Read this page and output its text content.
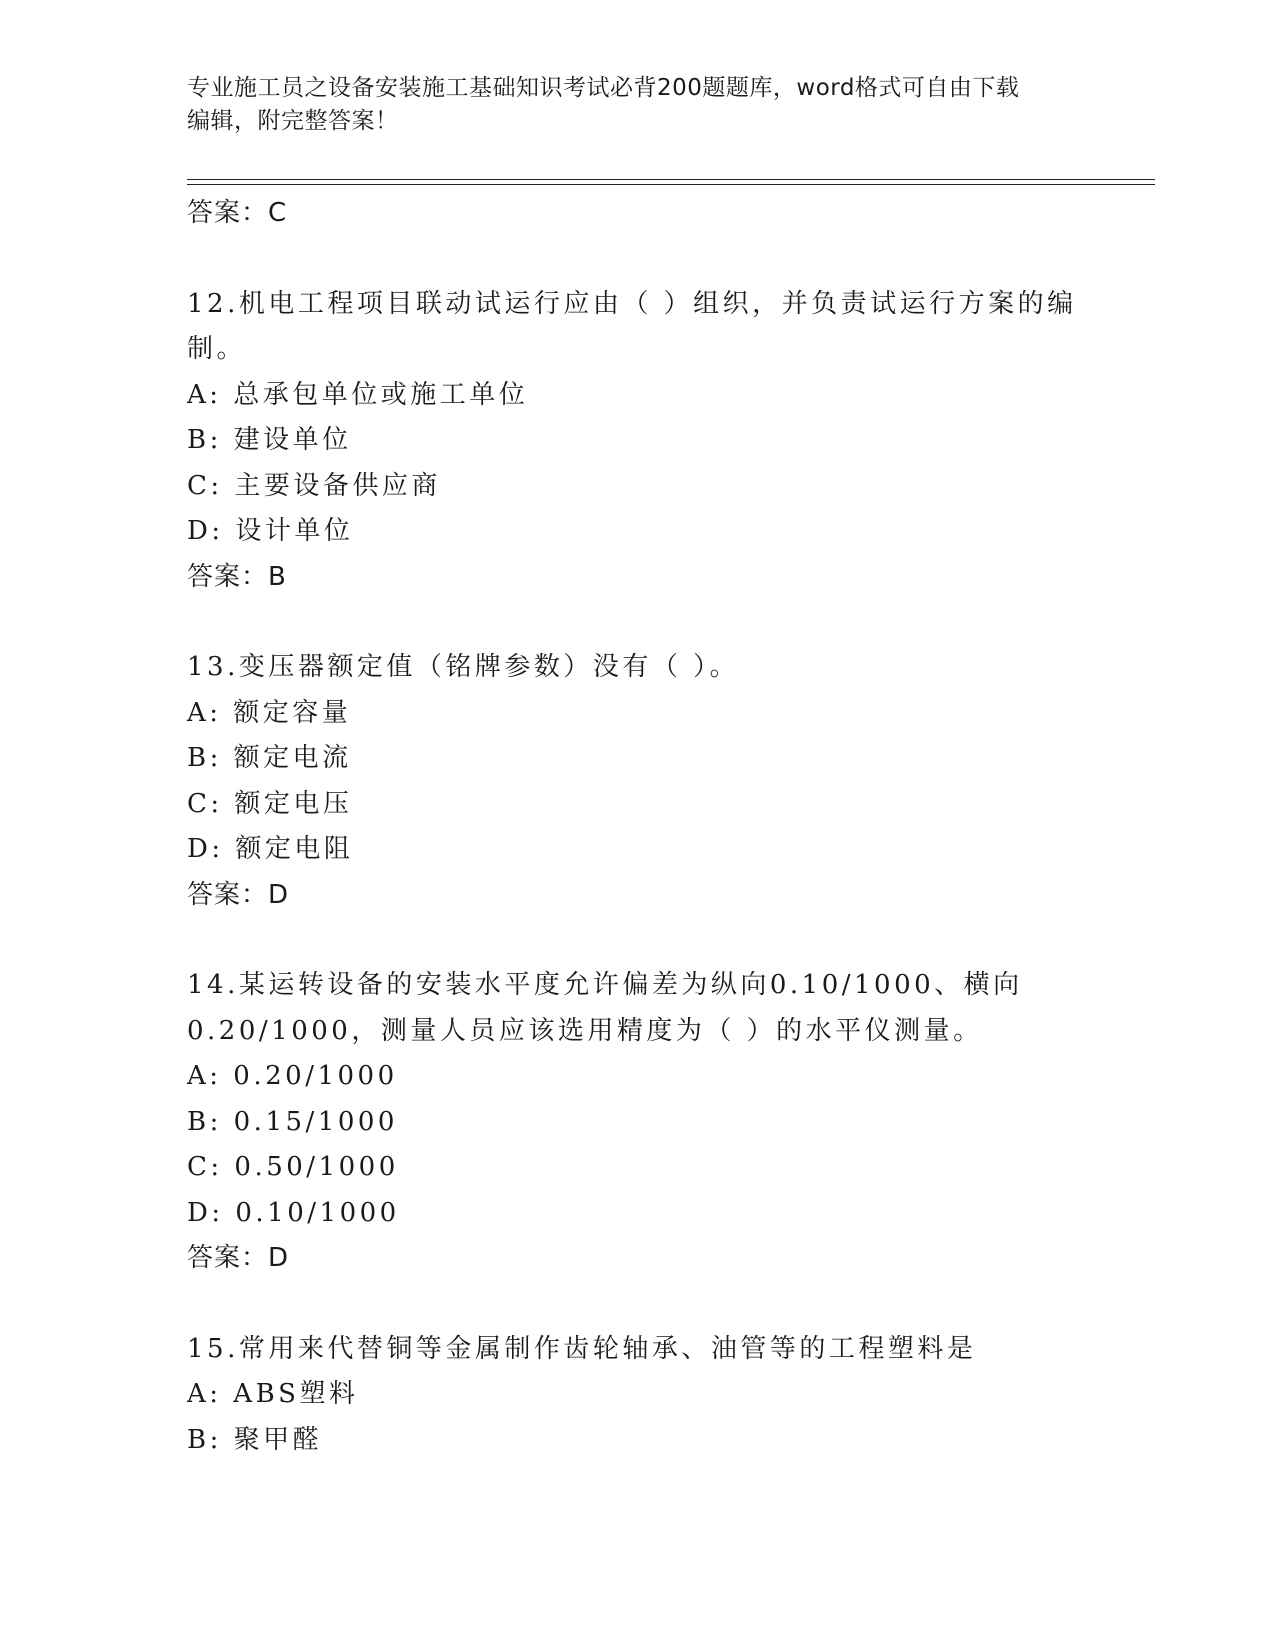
专业施工员之设备安装施工基础知识考试必背200题题库，word格式可自由下载
编辑，附完整答案！
答案：C
12.机电工程项目联动试运行应由（ ）组织，并负责试运行方案的编
制。
A: 总承包单位或施工单位
B: 建设单位
C: 主要设备供应商
D: 设计单位
答案：B
13.变压器额定值（铭牌参数）没有（ ）。
A: 额定容量
B: 额定电流
C: 额定电压
D: 额定电阻
答案：D
14.某运转设备的安装水平度允许偏差为纵向0.10/1000、横向
0.20/1000，测量人员应该选用精度为（ ）的水平仪测量。
A: 0.20/1000
B: 0.15/1000
C: 0.50/1000
D: 0.10/1000
答案：D
15.常用来代替铜等金属制作齿轮轴承、油管等的工程塑料是
A: ABS塑料
B: 聚甲醛
